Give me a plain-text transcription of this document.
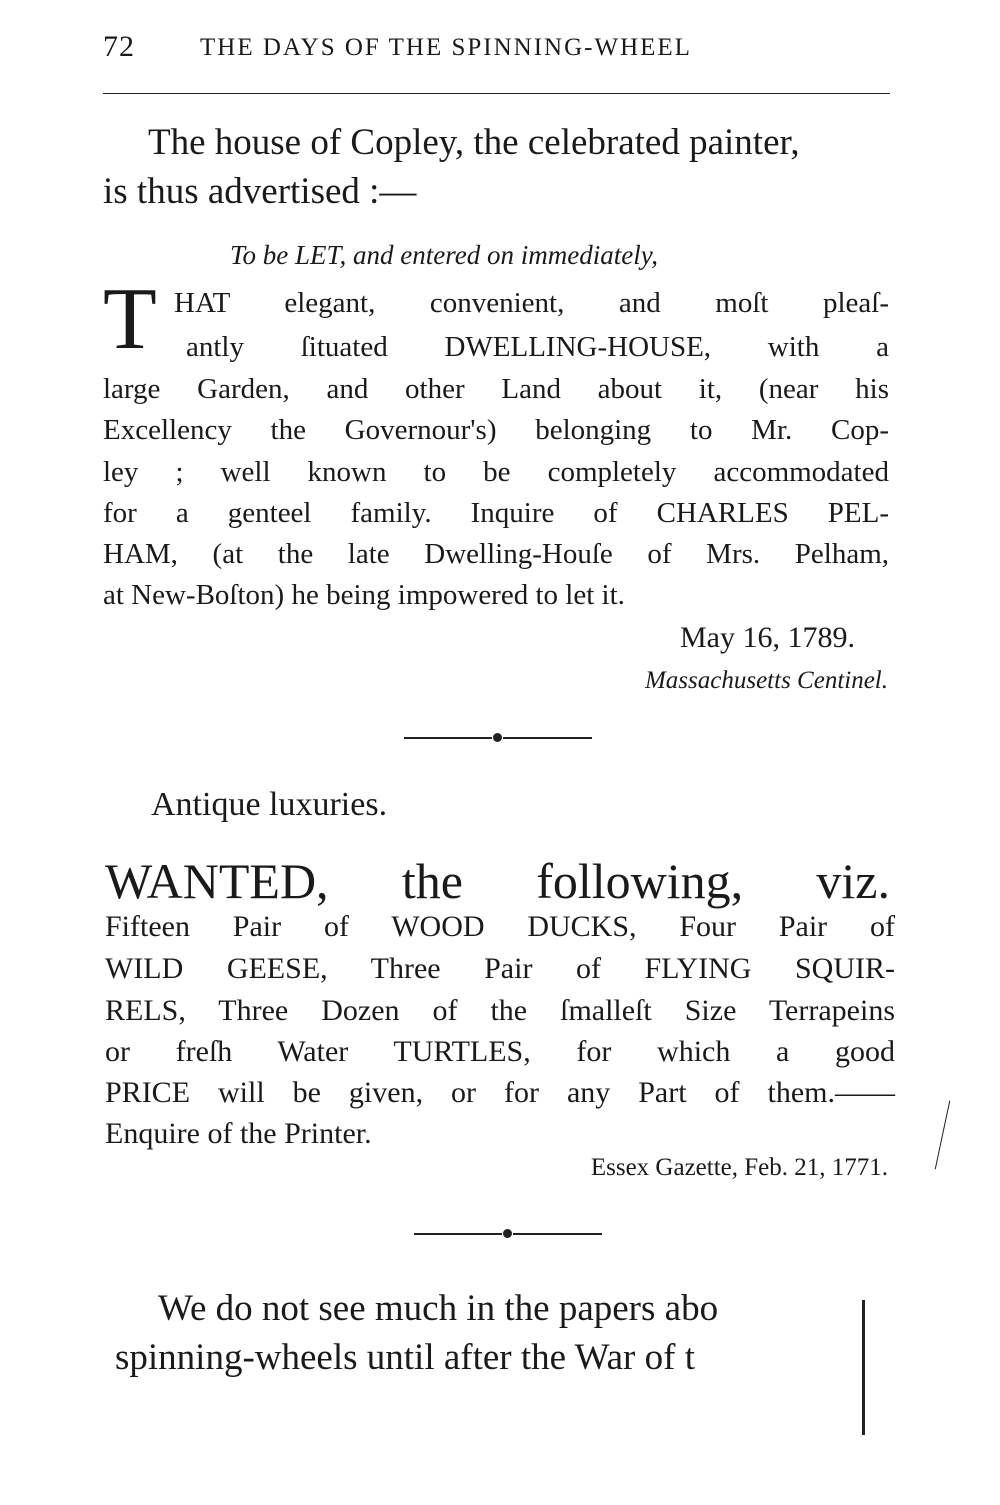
72	THE DAYS OF THE SPINNING-WHEEL
The house of Copley, the celebrated painter,
is thus advertised :—
To be LET, and entered on immediately,
T HAT elegant, convenient, and moſt pleaſ-
antly ſituated DWELLING-HOUSE, with a
large Garden, and other Land about it, (near his
Excellency the Governour's) belonging to Mr. Cop-
ley ; well known to be completely accommodated
for a genteel family. Inquire of CHARLES PEL-
HAM, (at the late Dwelling-Houſe of Mrs. Pelham,
at New-Boſton) he being impowered to let it.
May 16, 1789.
Massachusetts Centinel.
Antique luxuries.
WANTED, the following, viz.
Fifteen Pair of WOOD DUCKS, Four Pair of
WILD GEESE, Three Pair of FLYING SQUIR-
RELS, Three Dozen of the ſmalleſt Size Terrapeins
or freſh Water TURTLES, for which a good
PRICE will be given, or for any Part of them.——
Enquire of the Printer.
Essex Gazette, Feb. 21, 1771.
We do not see much in the papers abo
spinning-wheels until after the War of t
